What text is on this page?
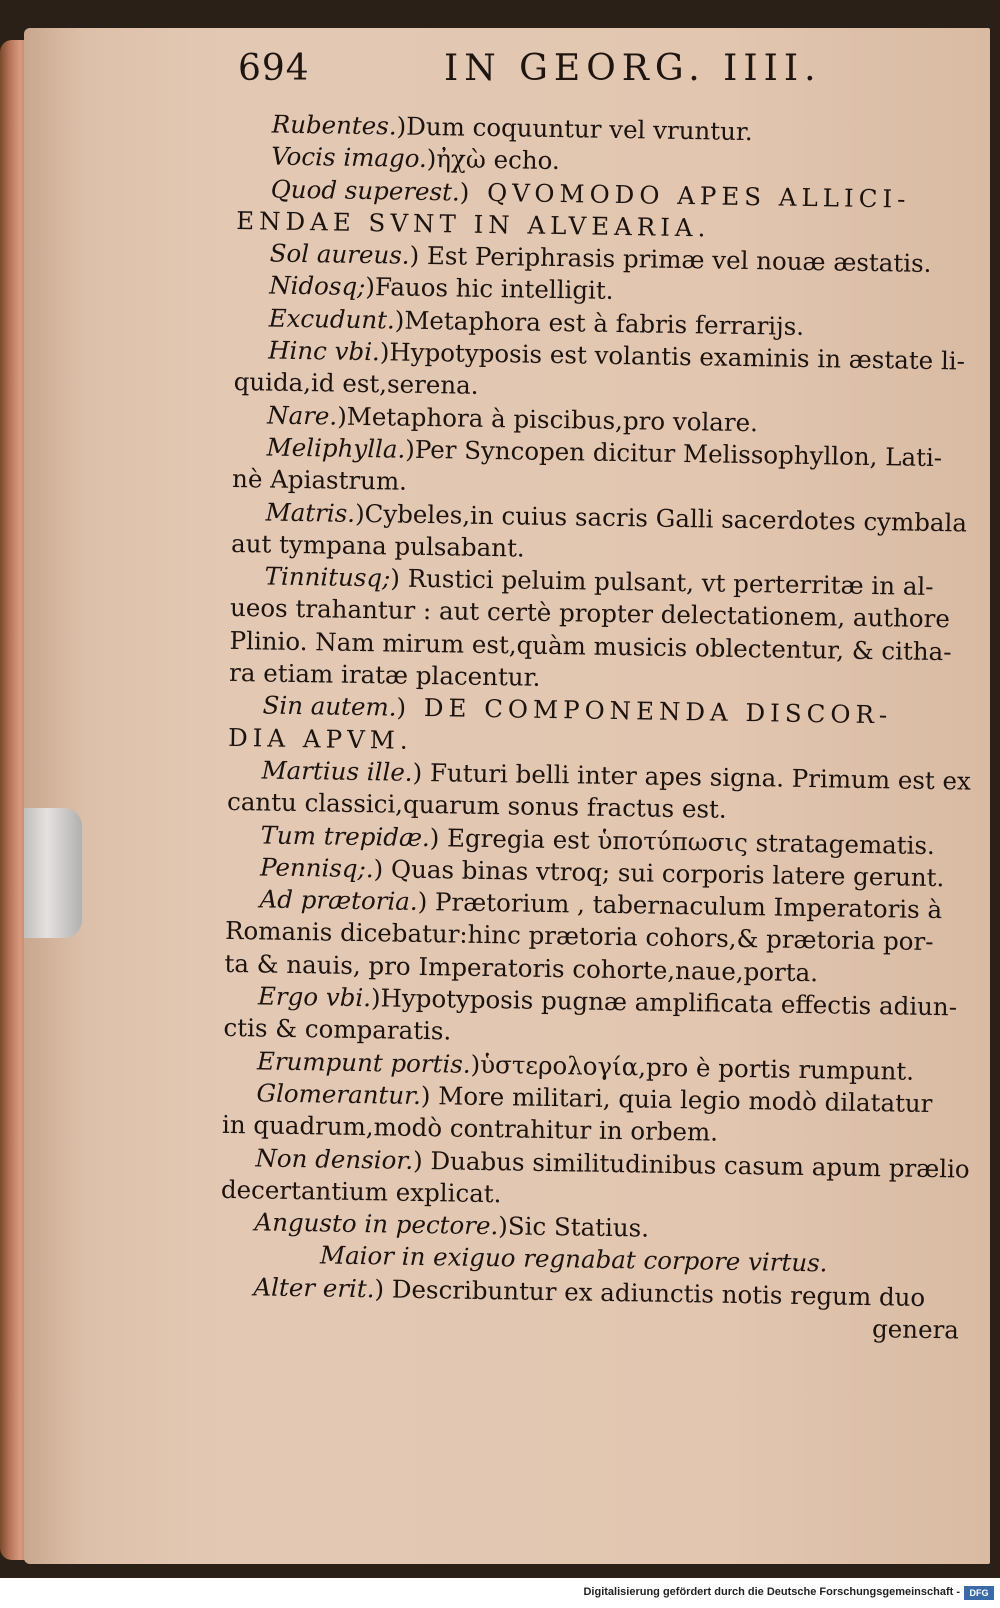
694	IN GEORG. IIII.
Rubentes.)Dum coquuntur vel vruntur.
Vocis imago.)ἠχὼ echo.
Quod superest.) QVOMODO APES ALLICI-
ENDAE SVNT IN ALVEARIA.
Sol aureus.) Est Periphrasis primæ vel nouæ æstatis.
Nidosq;)Fauos hic intelligit.
Excudunt.)Metaphora est à fabris ferrarijs.
Hinc vbi.)Hypotyposis est volantis examinis in æstate li-
quida,id est,serena.
Nare.)Metaphora à piscibus,pro volare.
Meliphylla.)Per Syncopen dicitur Melissophyllon, Lati-
nè Apiastrum.
Matris.)Cybeles,in cuius sacris Galli sacerdotes cymbala
aut tympana pulsabant.
Tinnitusq;) Rustici peluim pulsant, vt perterritæ in al-
ueos trahantur : aut certè propter delectationem, authore
Plinio. Nam mirum est,quàm musicis oblectentur, & citha-
ra etiam iratæ placentur.
Sin autem.) DE COMPONENDA DISCOR-
DIA APVM.
Martius ille.) Futuri belli inter apes signa. Primum est ex
cantu classici,quarum sonus fractus est.
Tum trepidæ.) Egregia est ὑποτύπωσις stratagematis.
Pennisq;.) Quas binas vtroq; sui corporis latere gerunt.
Ad prætoria.) Prætorium , tabernaculum Imperatoris à
Romanis dicebatur:hinc prætoria cohors,& prætoria por-
ta & nauis, pro Imperatoris cohorte,naue,porta.
Ergo vbi.)Hypotyposis pugnæ amplificata effectis adiun-
ctis & comparatis.
Erumpunt portis.)ὑστερολογία,pro è portis rumpunt.
Glomerantur.) More militari, quia legio modò dilatatur
in quadrum,modò contrahitur in orbem.
Non densior.) Duabus similitudinibus casum apum prælio
decertantium explicat.
Angusto in pectore.)Sic Statius.
Maior in exiguo regnabat corpore virtus.
Alter erit.) Describuntur ex adiunctis notis regum duo
genera
Digitalisierung gefördert durch die Deutsche Forschungsgemeinschaft -	DFG
